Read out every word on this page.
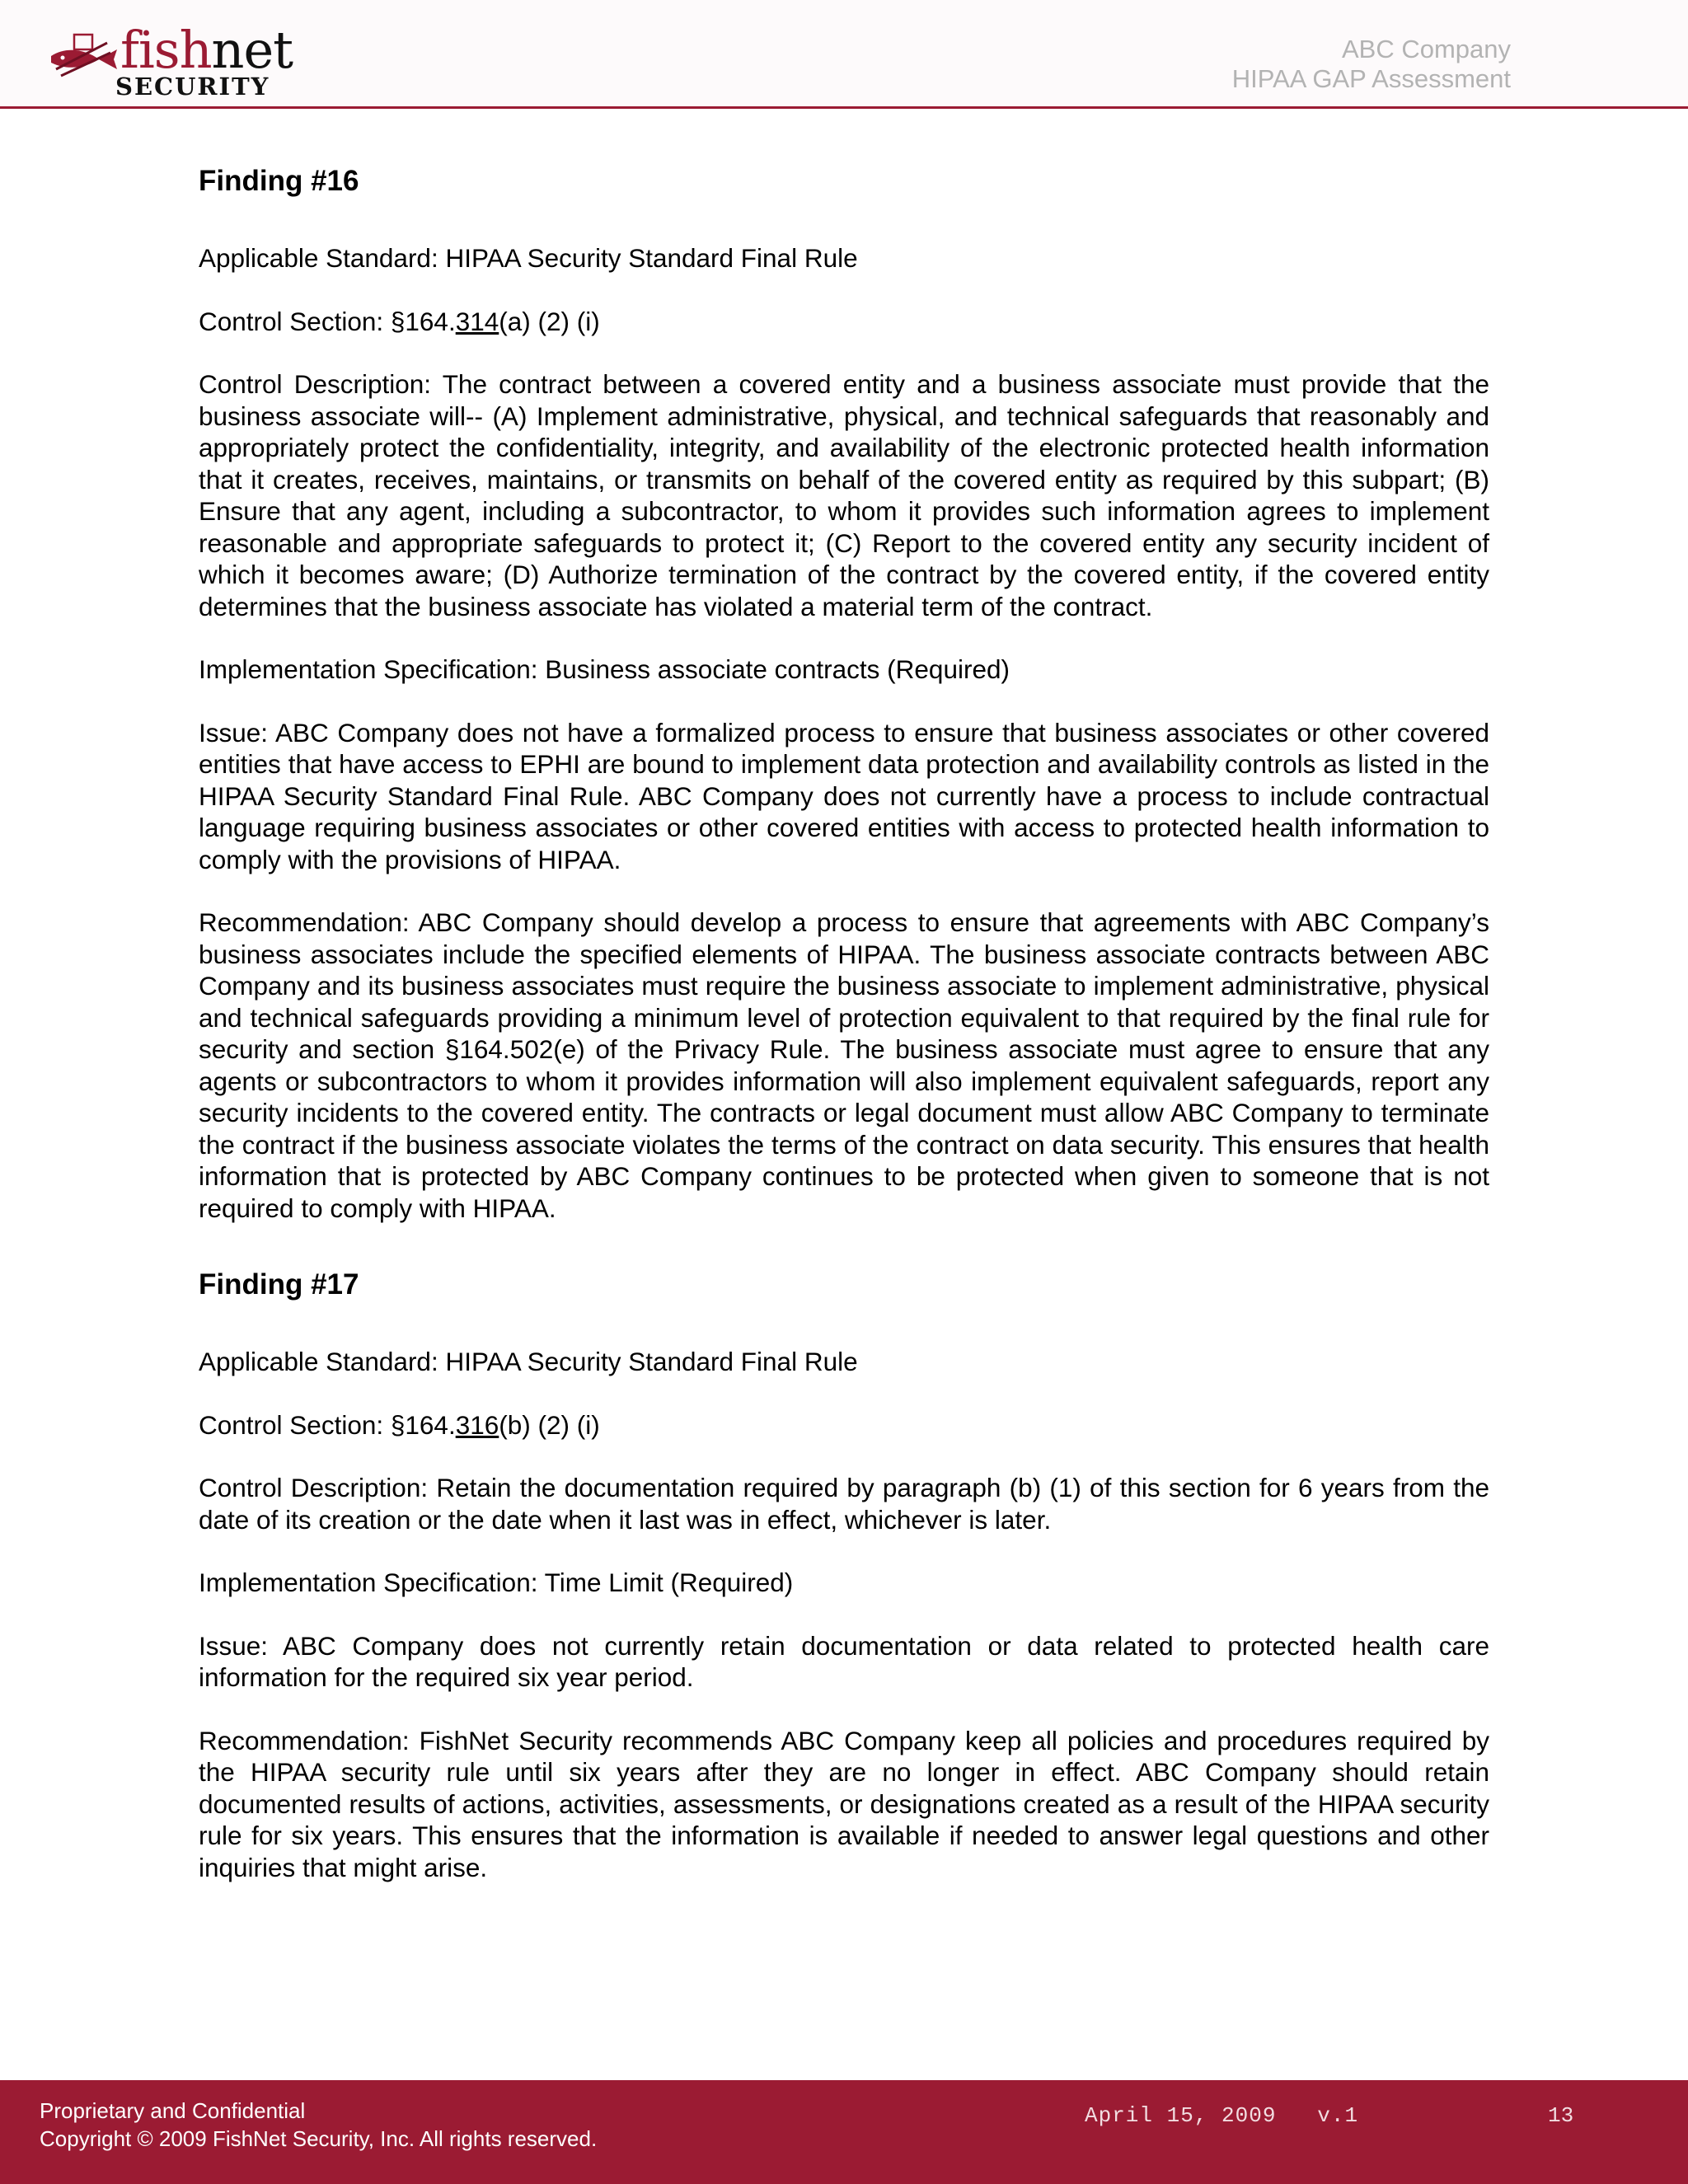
fishnet
SECURITY
ABC Company
HIPAA GAP Assessment
Finding #16

Applicable Standard: HIPAA Security Standard Final Rule

Control Section: §164.314(a) (2) (i)

Control Description: The contract between a covered entity and a business associate must provide that the business associate will-- (A) Implement administrative, physical, and technical safeguards that reasonably and appropriately protect the confidentiality, integrity, and availability of the electronic protected health information that it creates, receives, maintains, or transmits on behalf of the covered entity as required by this subpart; (B) Ensure that any agent, including a subcontractor, to whom it provides such information agrees to implement reasonable and appropriate safeguards to protect it; (C) Report to the covered entity any security incident of which it becomes aware; (D) Authorize termination of the contract by the covered entity, if the covered entity determines that the business associate has violated a material term of the contract.

Implementation Specification: Business associate contracts (Required)

Issue: ABC Company does not have a formalized process to ensure that business associates or other covered entities that have access to EPHI are bound to implement data protection and availability controls as listed in the HIPAA Security Standard Final Rule. ABC Company does not currently have a process to include contractual language requiring business associates or other covered entities with access to protected health information to comply with the provisions of HIPAA.

Recommendation: ABC Company should develop a process to ensure that agreements with ABC Company’s business associates include the specified elements of HIPAA. The business associate contracts between ABC Company and its business associates must require the business associate to implement administrative, physical and technical safeguards providing a minimum level of protection equivalent to that required by the final rule for security and section §164.502(e) of the Privacy Rule. The business associate must agree to ensure that any agents or subcontractors to whom it provides information will also implement equivalent safeguards, report any security incidents to the covered entity. The contracts or legal document must allow ABC Company to terminate the contract if the business associate violates the terms of the contract on data security. This ensures that health information that is protected by ABC Company continues to be protected when given to someone that is not required to comply with HIPAA.

Finding #17

Applicable Standard: HIPAA Security Standard Final Rule

Control Section: §164.316(b) (2) (i)

Control Description: Retain the documentation required by paragraph (b) (1) of this section for 6 years from the date of its creation or the date when it last was in effect, whichever is later.

Implementation Specification: Time Limit (Required)

Issue: ABC Company does not currently retain documentation or data related to protected health care information for the required six year period.

Recommendation: FishNet Security recommends ABC Company keep all policies and procedures required by the HIPAA security rule until six years after they are no longer in effect. ABC Company should retain documented results of actions, activities, assessments, or designations created as a result of the HIPAA security rule for six years. This ensures that the information is available if needed to answer legal questions and other inquiries that might arise.

Proprietary and Confidential
Copyright © 2009 FishNet Security, Inc. All rights reserved.
April 15, 2009   v.1	13
